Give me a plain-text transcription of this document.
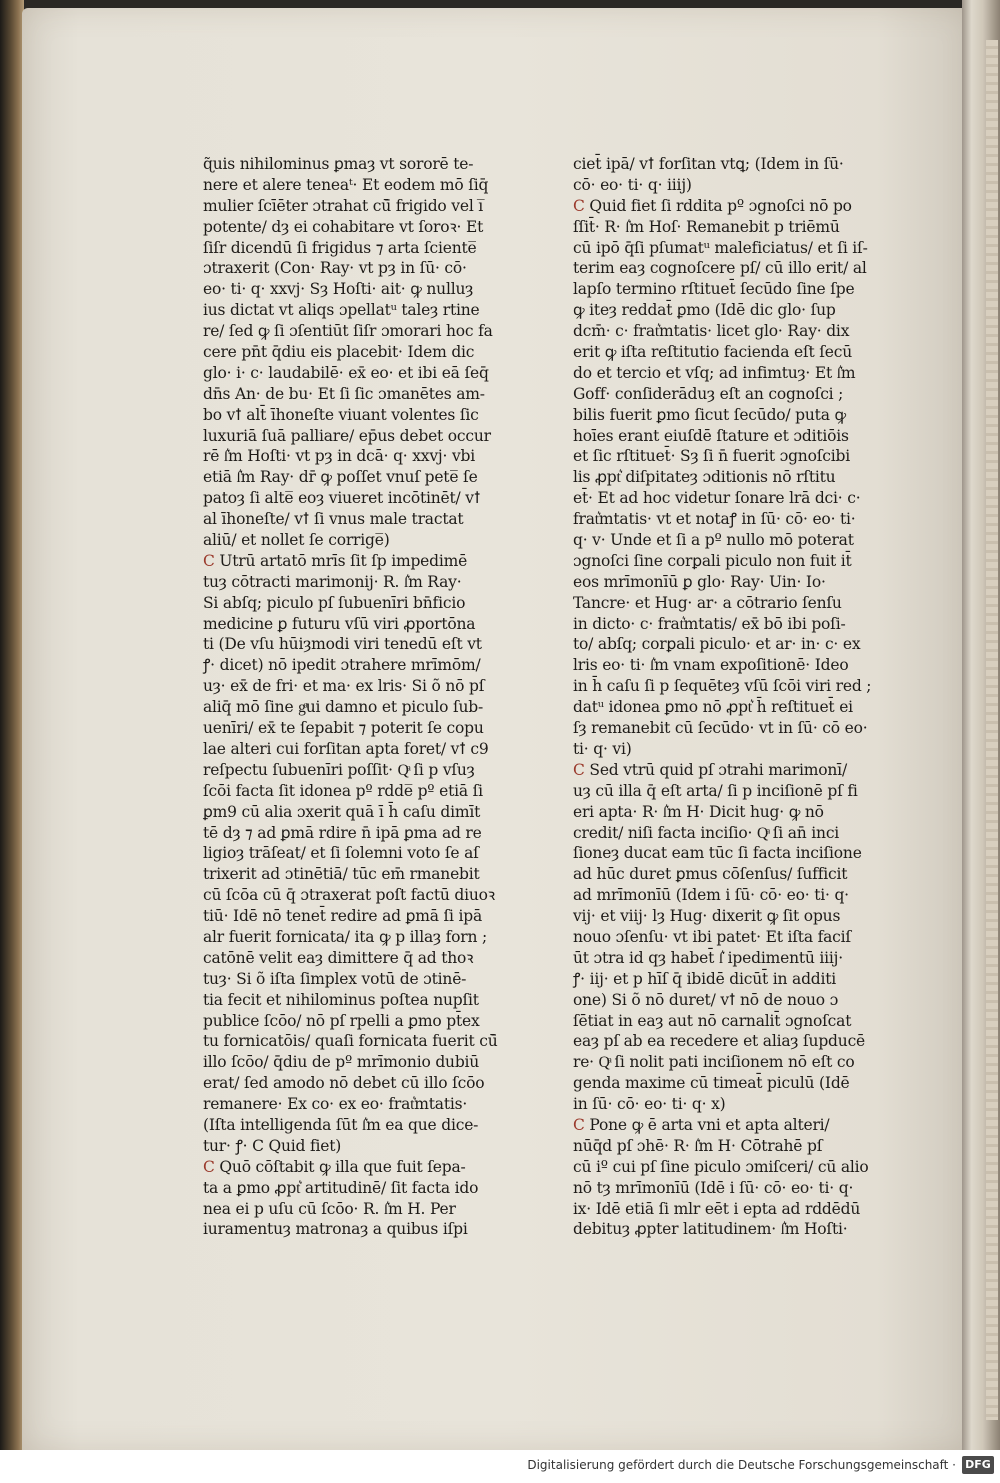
ɋ̃uis nihilominus ꝑmaȝ vt sororē te-
nere et alere teneaᵗ· Et eodem mō ſiq̄
mulier ſcīēter ɔtrahat cū̄ frigido vel i̅
potente/ dȝ ei cohabitare vt ſoroꝛ· Et
ſiſr dicendū ſi frigidus ⁊ arta ſciente̅
ɔtraxerit (Con· Ray· vt pȝ in ſū· cō·
eo· ti· q· xxvj· Sȝ Hoſti· ait· ꝙ nulluȝ
ius dictat vt aliqs ɔpellatᵘ taleȝ rtine
re/ ſed ꝙ ſi ɔſentiūt ſiſr ɔmorari hoc fa
cere pn̄t q̄diu eis placebit· Idem dic
glo· i· c· laudabilē· ex̄ eo· et ibi eā ſeq̄
dn̄s An· de bu· Et ſi ſic ɔmanētes am-
bo vꝉ alt̄ īhoneſte viuant volentes ſic
luxuriā ſuā palliare/ ep̄us debet occur
rē ſ͛m Hoſti· vt pȝ in dcā· q· xxvj· vbi
etiā ſ͛m Ray· dr̄ ꝙ poſſet vnuſ pete̅ ſe
patoȝ ſi alte̅ eoȝ viueret incōtinēt/ vꝉ
al īhoneſte/ vꝉ ſi vnus male tractat
aliū/ et nollet ſe corrige̅)
C Utrū artatō mrīs ſit ſp impedimē
tuȝ cōtracti marimonij· R. ſ͛m Ray·
Si abſq; piculo pſ ſubuenīri bn̄ficio
medicine ꝑ futuru vſū viri ꝓportōna
ti (De vſu hūiȝmodi viri tenedū eſt vt
ꝭ· dicet) nō ipedit ɔtrahere mrīmōm/
uȝ· ex̄ de fri· et ma· ex lris· Si õ nō pſ
aliq̄ mō ſine gͣui damno et piculo ſub-
uenīri/ ex̄ te ſepabit ⁊ poterit ſe copu
lae alteri cui forſitan apta foret/ vꝉ c9
reſpectu ſubuenīri poſſit· Qͣ ſi p vſuȝ
ſcōi facta ſit idonea pº rdde̅ pº etiā ſi
ꝑm9 cū alia ɔxerit quā ī h̄ caſu dimīt
tē dȝ ⁊ ad ꝑmā rdire n̄ ipā ꝑma ad re
ligioȝ trāſeat/ et ſi ſolemni voto ſe aſ
trixerit ad ɔtinētiā/ tūc em̄ rmanebit
cū ſcōa cū q̄ ɔtraxerat poſt factū diuoꝛ
tiū· Idē nō tenet̄ redire ad ꝑmā ſi ipā
alr fuerit fornicata/ ita ꝙ p illaȝ forn ;
catōnē velit eaȝ dimittere q̄ ad thoꝛ
tuȝ· Si õ iſta ſimplex votū de ɔtinē-
tia fecit et nihilominus poſtea nupſit
publice ſcōo/ nō pſ rpelli a ꝑmo pt̄ex
tu fornicatōis/ quaſi fornicata fuerit cū̄
illo ſcōo/ q̄diu de pº mrīmonio dubiū
erat/ ſed amodo nō debet cū illo ſcōo
remanere· Ex co· ex eo· frat͛mtatis·
(Iſta intelligenda ſūt ſ͛m ea que dice-
tur· ꝭ· C Quid fiet)
C Quō cōſtabit ꝙ illa que fuit ſepa-
ta a ꝑmo ꝓpt͛ artitudinē/ ſit facta ido
nea ei p uſu cū ſcōo· R. ſ͛m H. Per
iuramentuȝ matronaȝ a quibus iſpi
ciet̄ ipā/ vꝉ forſitan vtꝗ; (Idem in ſū·
cō· eo· ti· q· iiij)
C Quid fiet ſi rddita pº ɔgnoſci nō po
ſſit̄· R· ſ͛m Hoſ· Remanebit p triēmū
cū ipō q̄ſi pſumatᵘ maleficiatus/ et ſi iſ-
terim eaȝ cognoſcere pſ/ cū illo erit/ al
lapſo termino rſtituet̄ ſecūdo ſine ſpe
ꝙ iteȝ reddat̄ ꝑmo (Idē dic glo· ſup
dcm̄· c· frat͛mtatis· licet glo· Ray· dix
erit ꝙ iſta reſtitutio facienda eſt ſecū
do et tercio et vſq; ad infimtuȝ· Et ſ͛m
Goff· conſiderāduȝ eſt an cognoſci ;
bilis fuerit ꝑmo ſicut ſecūdo/ puta ꝙ
hoīes erant eiuſdē ſtature et ɔditiōis
et ſic rſtituet̄· Sȝ ſi n̄ fuerit ɔgnoſcibi
lis ꝓpt͛ diſpitateȝ ɔditionis nō rſtitu
et̄· Et ad hoc videtur ſonare lrā dci· c·
frat͛mtatis· vt et notaꝭ in ſū· cō· eo· ti·
q· v· Unde et ſi a pº nullo mō poterat
ɔgnoſci ſine corꝑali piculo non fuit it̄
eos mrīmonīū ꝑ glo· Ray· Uin· Io·
Tancre· et Hug· ar· a cōtrario ſenſu
in dicto· c· frat͛mtatis/ ex̄ bō ibi poſi-
to/ abſq; corꝑali piculo· et ar· in· c· ex
lris eo· ti· ſ͛m vnam expoſitionē· Ideo
in h̄ caſu ſi p ſequēteȝ vſū ſcōi viri red ;
datᵘ idonea ꝑmo nō ꝓpt͛ h̄ reſtituet̄ ei
ſȝ remanebit cū ſecūdo· vt in ſū· cō eo·
ti· q· vi)
C Sed vtrū quid pſ ɔtrahi marimonī/
uȝ cū illa q̄ eſt arta/ ſi p inciſionē pſ fi
eri apta· R· ſ͛m H· Dicit hug· ꝙ nō
credit/ niſi facta inciſio· Qͣ ſi an̄ inci
ſioneȝ ducat eam tūc ſi facta inciſione
ad hūc duret ꝑmus cōſenſus/ ſufficit
ad mrīmonīū (Idem i ſū· cō· eo· ti· q·
vij· et viij· lȝ Hug· dixerit ꝙ ſit opus
nouo ɔſenſu· vt ibi patet· Et iſta faciſ
ūt ɔtra id qȝ habet̄ ſ͛ ipedimentū iiij·
ꝭ· iij· et p hīſ q̄ ibidē dicūt̄ in additi
one) Si õ nō duret/ vꝉ nō de nouo ɔ
ſētiat in eaȝ aut nō carnalit̄ ɔgnoſcat
eaȝ pſ ab ea recedere et aliaȝ ſupducē
re· Qͣ ſi nolit pati inciſionem nō eſt co
genda maxime cū timeat̄ piculū (Idē
in ſū· cō· eo· ti· q· x)
C Pone ꝙ ē arta vni et apta alteri/
nūq̄d pſ ɔhē· R· ſ͛m H· Cōtrahē pſ
cū iº cui pſ ſine piculo ɔmiſceri/ cū alio
nō tȝ mrīmonīū (Idē i ſū· cō· eo· ti· q·
ix· Idē etiā ſi mlr eēt i epta ad rddēdū
debituȝ ꝓpter latitudinem· ſ͛m Hoſti·
Digitalisierung gefördert durch die Deutsche Forschungsgemeinschaft · DFG
